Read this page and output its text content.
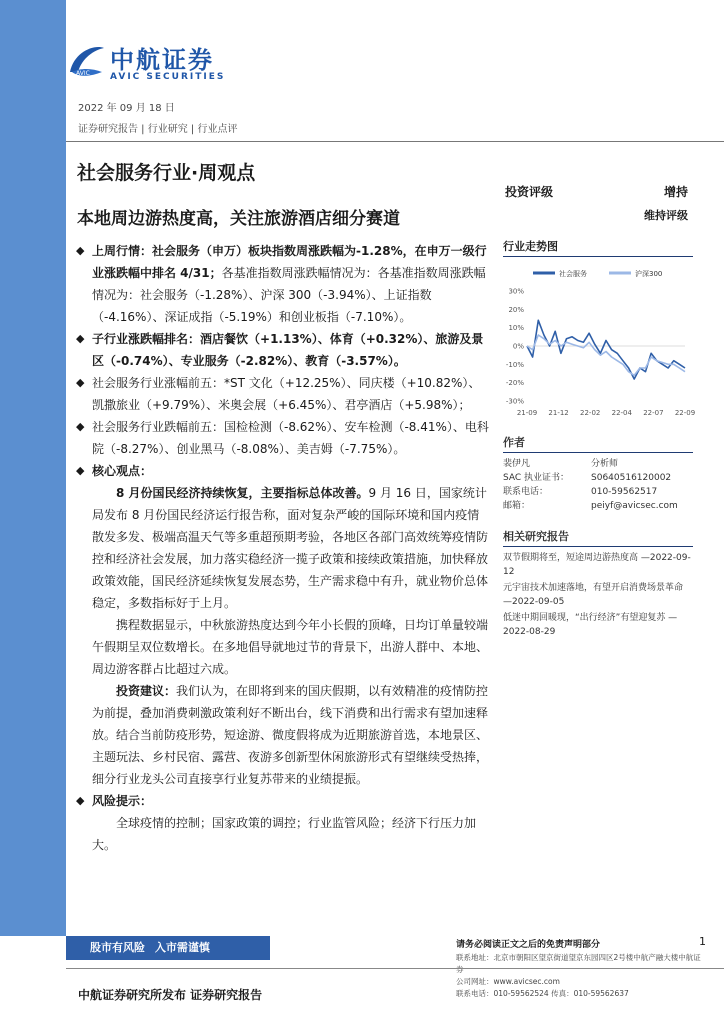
AVIC 中航证券
AVIC SECURITIES
2022 年 09 月 18 日
证券研究报告 | 行业研究 | 行业点评
社会服务行业·周观点
本地周边游热度高，关注旅游酒店细分赛道
投资评级	增持
维持评级
◆ 上周行情：社会服务（申万）板块指数周涨跌幅为-1.28%，在申万一级行业涨跌幅中排名 4/31；各基准指数周涨跌幅情况为：各基准指数周涨跌幅情况为：社会服务（-1.28%）、沪深 300（-3.94%）、上证指数（-4.16%）、深证成指（-5.19%）和创业板指（-7.10%）。
◆ 子行业涨跌幅排名：酒店餐饮（+1.13%）、体育（+0.32%）、旅游及景区（-0.74%）、专业服务（-2.82%）、教育（-3.57%）。
◆ 社会服务行业涨幅前五：*ST 文化（+12.25%）、同庆楼（+10.82%）、凯撒旅业（+9.79%）、米奥会展（+6.45%）、君亭酒店（+5.98%）；
◆ 社会服务行业跌幅前五：国检检测（-8.62%）、安车检测（-8.41%）、电科院（-8.27%）、创业黑马（-8.08%）、美吉姆（-7.75%）。
◆ 核心观点：
8 月份国民经济持续恢复，主要指标总体改善。9 月 16 日，国家统计局发布 8 月份国民经济运行报告称，面对复杂严峻的国际环境和国内疫情散发多发、极端高温天气等多重超预期考验，各地区各部门高效统筹疫情防控和经济社会发展，加力落实稳经济一揽子政策和接续政策措施，加快释放政策效能，国民经济延续恢复发展态势，生产需求稳中有升，就业物价总体稳定，多数指标好于上月。
携程数据显示，中秋旅游热度达到今年小长假的顶峰，日均订单量较端午假期呈双位数增长。在多地倡导就地过节的背景下，出游人群中、本地、周边游客群占比超过六成。
投资建议：我们认为，在即将到来的国庆假期，以有效精准的疫情防控为前提，叠加消费刺激政策利好不断出台，线下消费和出行需求有望加速释放。结合当前防疫形势，短途游、微度假将成为近期旅游首选，本地景区、主题玩法、乡村民宿、露营、夜游多创新型休闲旅游形式有望继续受热捧，细分行业龙头公司直接享行业复苏带来的业绩提振。
◆ 风险提示：
全球疫情的控制；国家政策的调控；行业监管风险；经济下行压力加大。
行业走势图
社会服务	沪深300
30%
20%
10%
0%
-10%
-20%
-30%
21-09 21-12 22-02 22-04 22-07 22-09
作者
裴伊凡	分析师
SAC 执业证书：	S0640516120002
联系电话：	010-59562517
邮箱：	peiyf@avicsec.com
相关研究报告
双节假期将至，短途周边游热度高 —2022-09-12
元宇宙技术加速落地，有望开启消费场景革命 —2022-09-05
低迷中期回暖现，“出行经济”有望迎复苏 —2022-08-29
股市有风险 入市需谨慎	请务必阅读正文之后的免责声明部分	1
联系地址：北京市朝阳区望京街道望京东园四区2号楼中航产融大楼中航证券
公司网址：www.avicsec.com
联系电话：010-59562524 传真：010-59562637
中航证券研究所发布 证券研究报告
